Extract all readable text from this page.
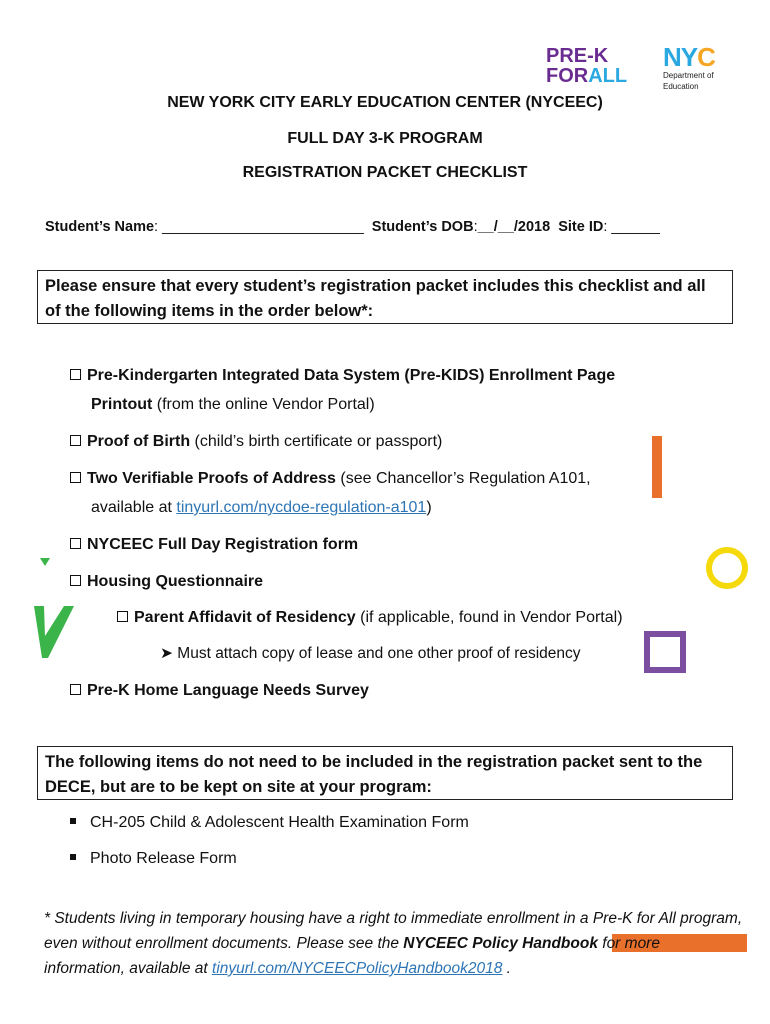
PRE-K
FORALL
NYC
Department of
Education
NEW YORK CITY EARLY EDUCATION CENTER (NYCEEC)
FULL DAY 3-K PROGRAM
REGISTRATION PACKET CHECKLIST
Student’s Name: _________________________ Student’s DOB:__/__/2018 Site ID: ______
Please ensure that every student’s registration packet includes this checklist and all of the following items in the order below*:
Pre-Kindergarten Integrated Data System (Pre-KIDS) Enrollment Page
Printout (from the online Vendor Portal)
Proof of Birth (child’s birth certificate or passport)
Two Verifiable Proofs of Address (see Chancellor’s Regulation A101,
available at tinyurl.com/nycdoe-regulation-a101)
NYCEEC Full Day Registration form
Housing Questionnaire
Parent Affidavit of Residency (if applicable, found in Vendor Portal)
➤ Must attach copy of lease and one other proof of residency
Pre-K Home Language Needs Survey
The following items do not need to be included in the registration packet sent to the DECE, but are to be kept on site at your program:
CH-205 Child & Adolescent Health Examination Form
Photo Release Form
* Students living in temporary housing have a right to immediate enrollment in a Pre-K for All program, even without enrollment documents. Please see the NYCEEC Policy Handbook for more information, available at tinyurl.com/NYCEECPolicyHandbook2018 .
